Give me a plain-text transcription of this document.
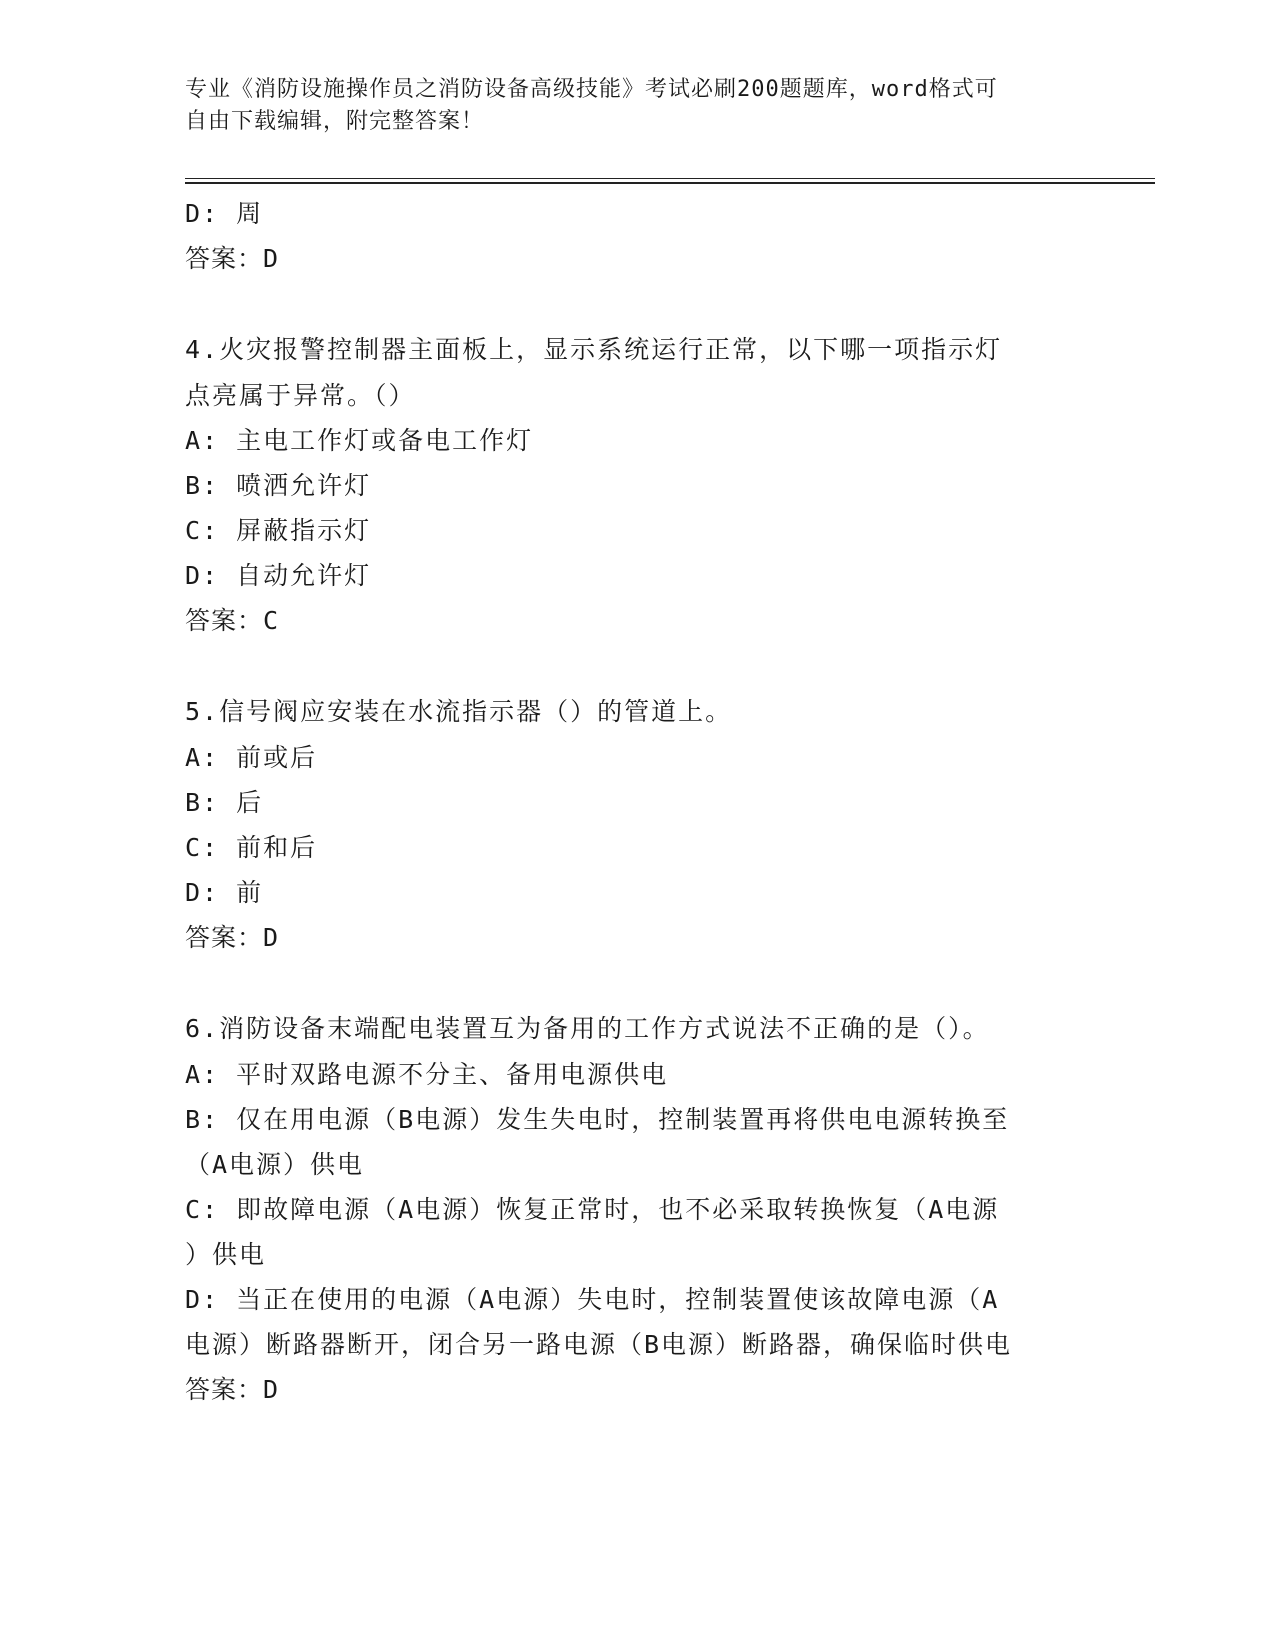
专业《消防设施操作员之消防设备高级技能》考试必刷200题题库，word格式可
自由下载编辑，附完整答案！
D: 周
答案：D
4.火灾报警控制器主面板上，显示系统运行正常，以下哪一项指示灯
点亮属于异常。（）
A: 主电工作灯或备电工作灯
B: 喷洒允许灯
C: 屏蔽指示灯
D: 自动允许灯
答案：C
5.信号阀应安装在水流指示器（）的管道上。
A: 前或后
B: 后
C: 前和后
D: 前
答案：D
6.消防设备末端配电装置互为备用的工作方式说法不正确的是（）。
A: 平时双路电源不分主、备用电源供电
B: 仅在用电源（B电源）发生失电时，控制装置再将供电电源转换至
（A电源）供电
C: 即故障电源（A电源）恢复正常时，也不必采取转换恢复（A电源
）供电
D: 当正在使用的电源（A电源）失电时，控制装置使该故障电源（A
电源）断路器断开，闭合另一路电源（B电源）断路器，确保临时供电
答案：D
